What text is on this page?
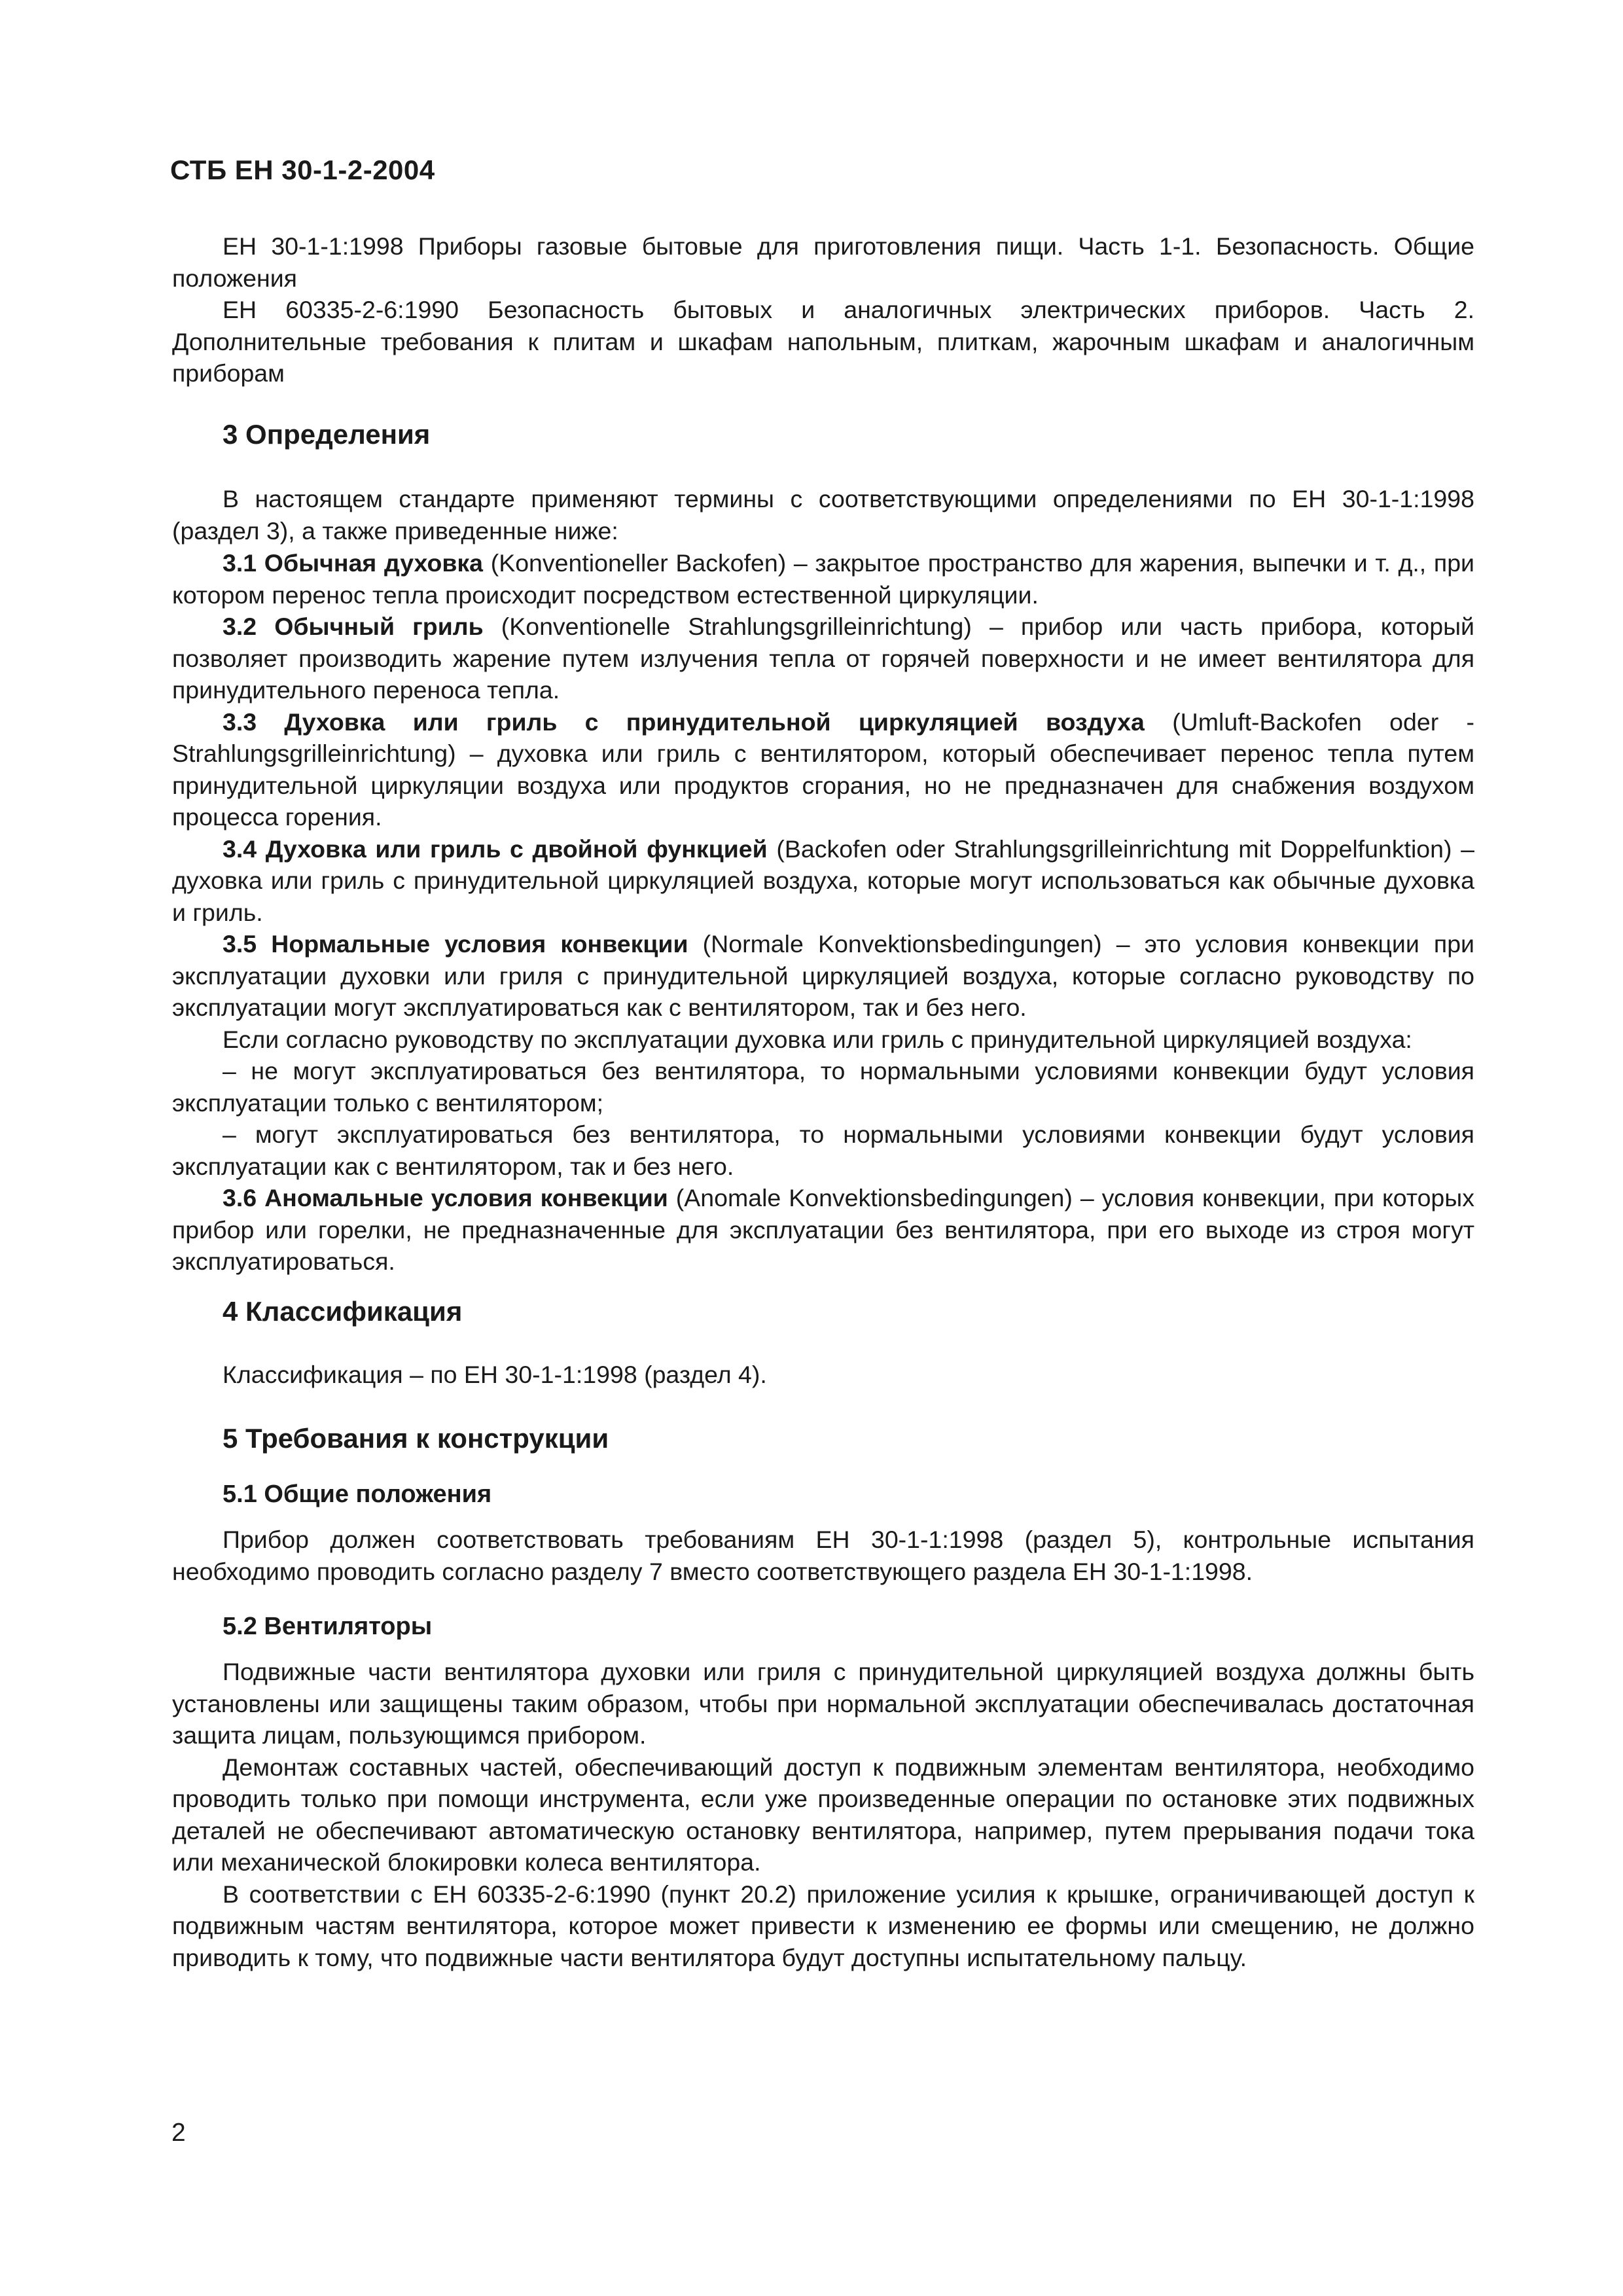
СТБ ЕН 30-1-2-2004

ЕН 30-1-1:1998 Приборы газовые бытовые для приготовления пищи. Часть 1-1. Безопасность. Общие положения

ЕН 60335-2-6:1990 Безопасность бытовых и аналогичных электрических приборов. Часть 2. Дополнительные требования к плитам и шкафам напольным, плиткам, жарочным шкафам и аналогичным приборам

3 Определения

В настоящем стандарте применяют термины с соответствующими определениями по ЕН 30-1-1:1998 (раздел 3), а также приведенные ниже:

3.1 Обычная духовка (Konventioneller Backofen) – закрытое пространство для жарения, выпечки и т. д., при котором перенос тепла происходит посредством естественной циркуляции.

3.2 Обычный гриль (Konventionelle Strahlungsgrilleinrichtung) – прибор или часть прибора, который позволяет производить жарение путем излучения тепла от горячей поверхности и не имеет вентилятора для принудительного переноса тепла.

3.3 Духовка или гриль с принудительной циркуляцией воздуха (Umluft-Backofen oder -Strahlungsgrilleinrichtung) – духовка или гриль с вентилятором, который обеспечивает перенос тепла путем принудительной циркуляции воздуха или продуктов сгорания, но не предназначен для снабжения воздухом процесса горения.

3.4 Духовка или гриль с двойной функцией (Backofen oder Strahlungsgrilleinrichtung mit Doppelfunktion) – духовка или гриль с принудительной циркуляцией воздуха, которые могут использоваться как обычные духовка и гриль.

3.5 Нормальные условия конвекции (Normale Konvektionsbedingungen) – это условия конвекции при эксплуатации духовки или гриля с принудительной циркуляцией воздуха, которые согласно руководству по эксплуатации могут эксплуатироваться как с вентилятором, так и без него.

Если согласно руководству по эксплуатации духовка или гриль с принудительной циркуляцией воздуха:

– не могут эксплуатироваться без вентилятора, то нормальными условиями конвекции будут условия эксплуатации только с вентилятором;

– могут эксплуатироваться без вентилятора, то нормальными условиями конвекции будут условия эксплуатации как с вентилятором, так и без него.

3.6 Аномальные условия конвекции (Anomale Konvektionsbedingungen) – условия конвекции, при которых прибор или горелки, не предназначенные для эксплуатации без вентилятора, при его выходе из строя могут эксплуатироваться.

4 Классификация
Классификация – по ЕН 30-1-1:1998 (раздел 4).
5 Требования к конструкции
5.1 Общие положения

Прибор должен соответствовать требованиям ЕН 30-1-1:1998 (раздел 5), контрольные испытания необходимо проводить согласно разделу 7 вместо соответствующего раздела ЕН 30-1-1:1998.

5.2 Вентиляторы

Подвижные части вентилятора духовки или гриля с принудительной циркуляцией воздуха должны быть установлены или защищены таким образом, чтобы при нормальной эксплуатации обеспечивалась достаточная защита лицам, пользующимся прибором.

Демонтаж составных частей, обеспечивающий доступ к подвижным элементам вентилятора, необходимо проводить только при помощи инструмента, если уже произведенные операции по остановке этих подвижных деталей не обеспечивают автоматическую остановку вентилятора, например, путем прерывания подачи тока или механической блокировки колеса вентилятора.

В соответствии с ЕН 60335-2-6:1990 (пункт 20.2) приложение усилия к крышке, ограничивающей доступ к подвижным частям вентилятора, которое может привести к изменению ее формы или смещению, не должно приводить к тому, что подвижные части вентилятора будут доступны испытательному пальцу.

2
